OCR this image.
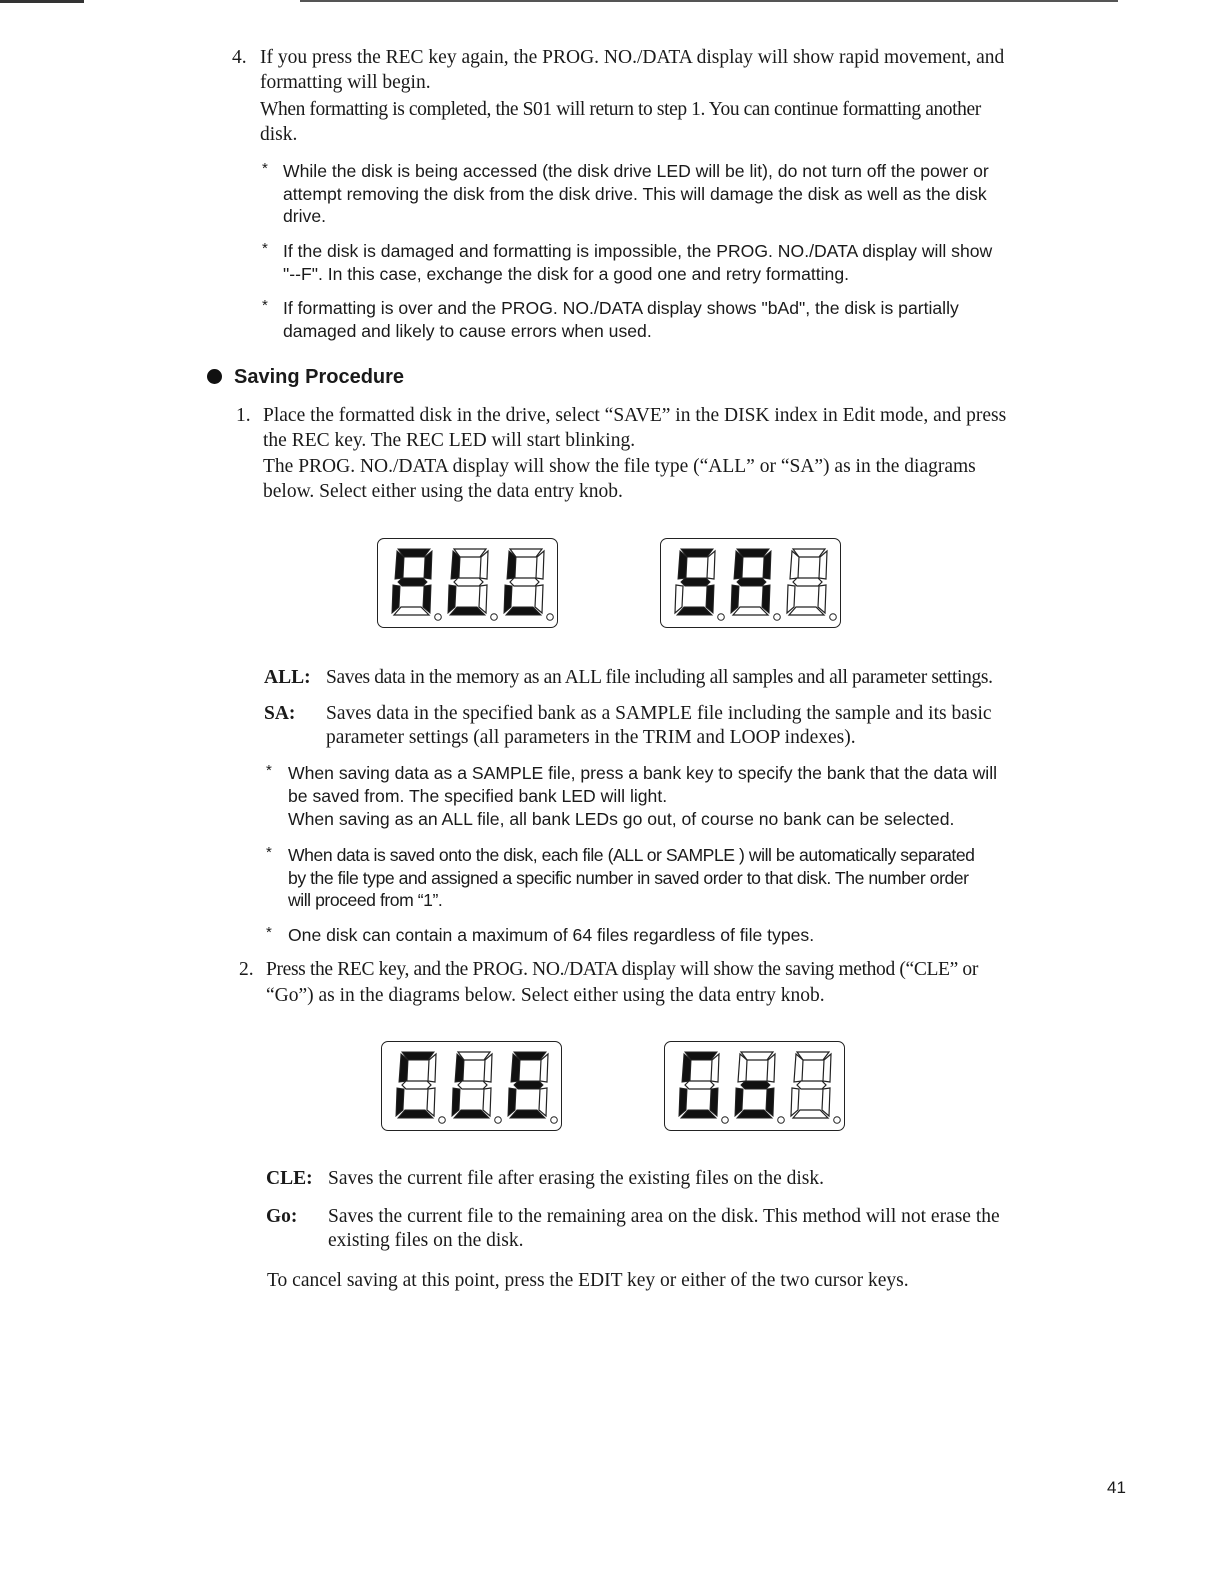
4. If you press the REC key again, the PROG. NO./DATA display will show rapid movement, and
formatting will begin.
When formatting is completed, the S01 will return to step 1. You can continue formatting another
disk.
* While the disk is being accessed (the disk drive LED will be lit), do not turn off the power or
attempt removing the disk from the disk drive. This will damage the disk as well as the disk
drive.
* If the disk is damaged and formatting is impossible, the PROG. NO./DATA display will show
"--F". In this case, exchange the disk for a good one and retry formatting.
* If formatting is over and the PROG. NO./DATA display shows "bAd", the disk is partially
damaged and likely to cause errors when used.
Saving Procedure
1. Place the formatted disk in the drive, select “SAVE” in the DISK index in Edit mode, and press
the REC key. The REC LED will start blinking.
The PROG. NO./DATA display will show the file type (“ALL” or “SA”) as in the diagrams
below. Select either using the data entry knob.
ALL: Saves data in the memory as an ALL file including all samples and all parameter settings.
SA: Saves data in the specified bank as a SAMPLE file including the sample and its basic
parameter settings (all parameters in the TRIM and LOOP indexes).
* When saving data as a SAMPLE file, press a bank key to specify the bank that the data will
be saved from. The specified bank LED will light.
When saving as an ALL file, all bank LEDs go out, of course no bank can be selected.
* When data is saved onto the disk, each file (ALL or SAMPLE ) will be automatically separated
by the file type and assigned a specific number in saved order to that disk. The number order
will proceed from “1”.
* One disk can contain a maximum of 64 files regardless of file types.
2. Press the REC key, and the PROG. NO./DATA display will show the saving method (“CLE” or
“Go”) as in the diagrams below. Select either using the data entry knob.
CLE: Saves the current file after erasing the existing files on the disk.
Go: Saves the current file to the remaining area on the disk. This method will not erase the
existing files on the disk.
To cancel saving at this point, press the EDIT key or either of the two cursor keys.
41
